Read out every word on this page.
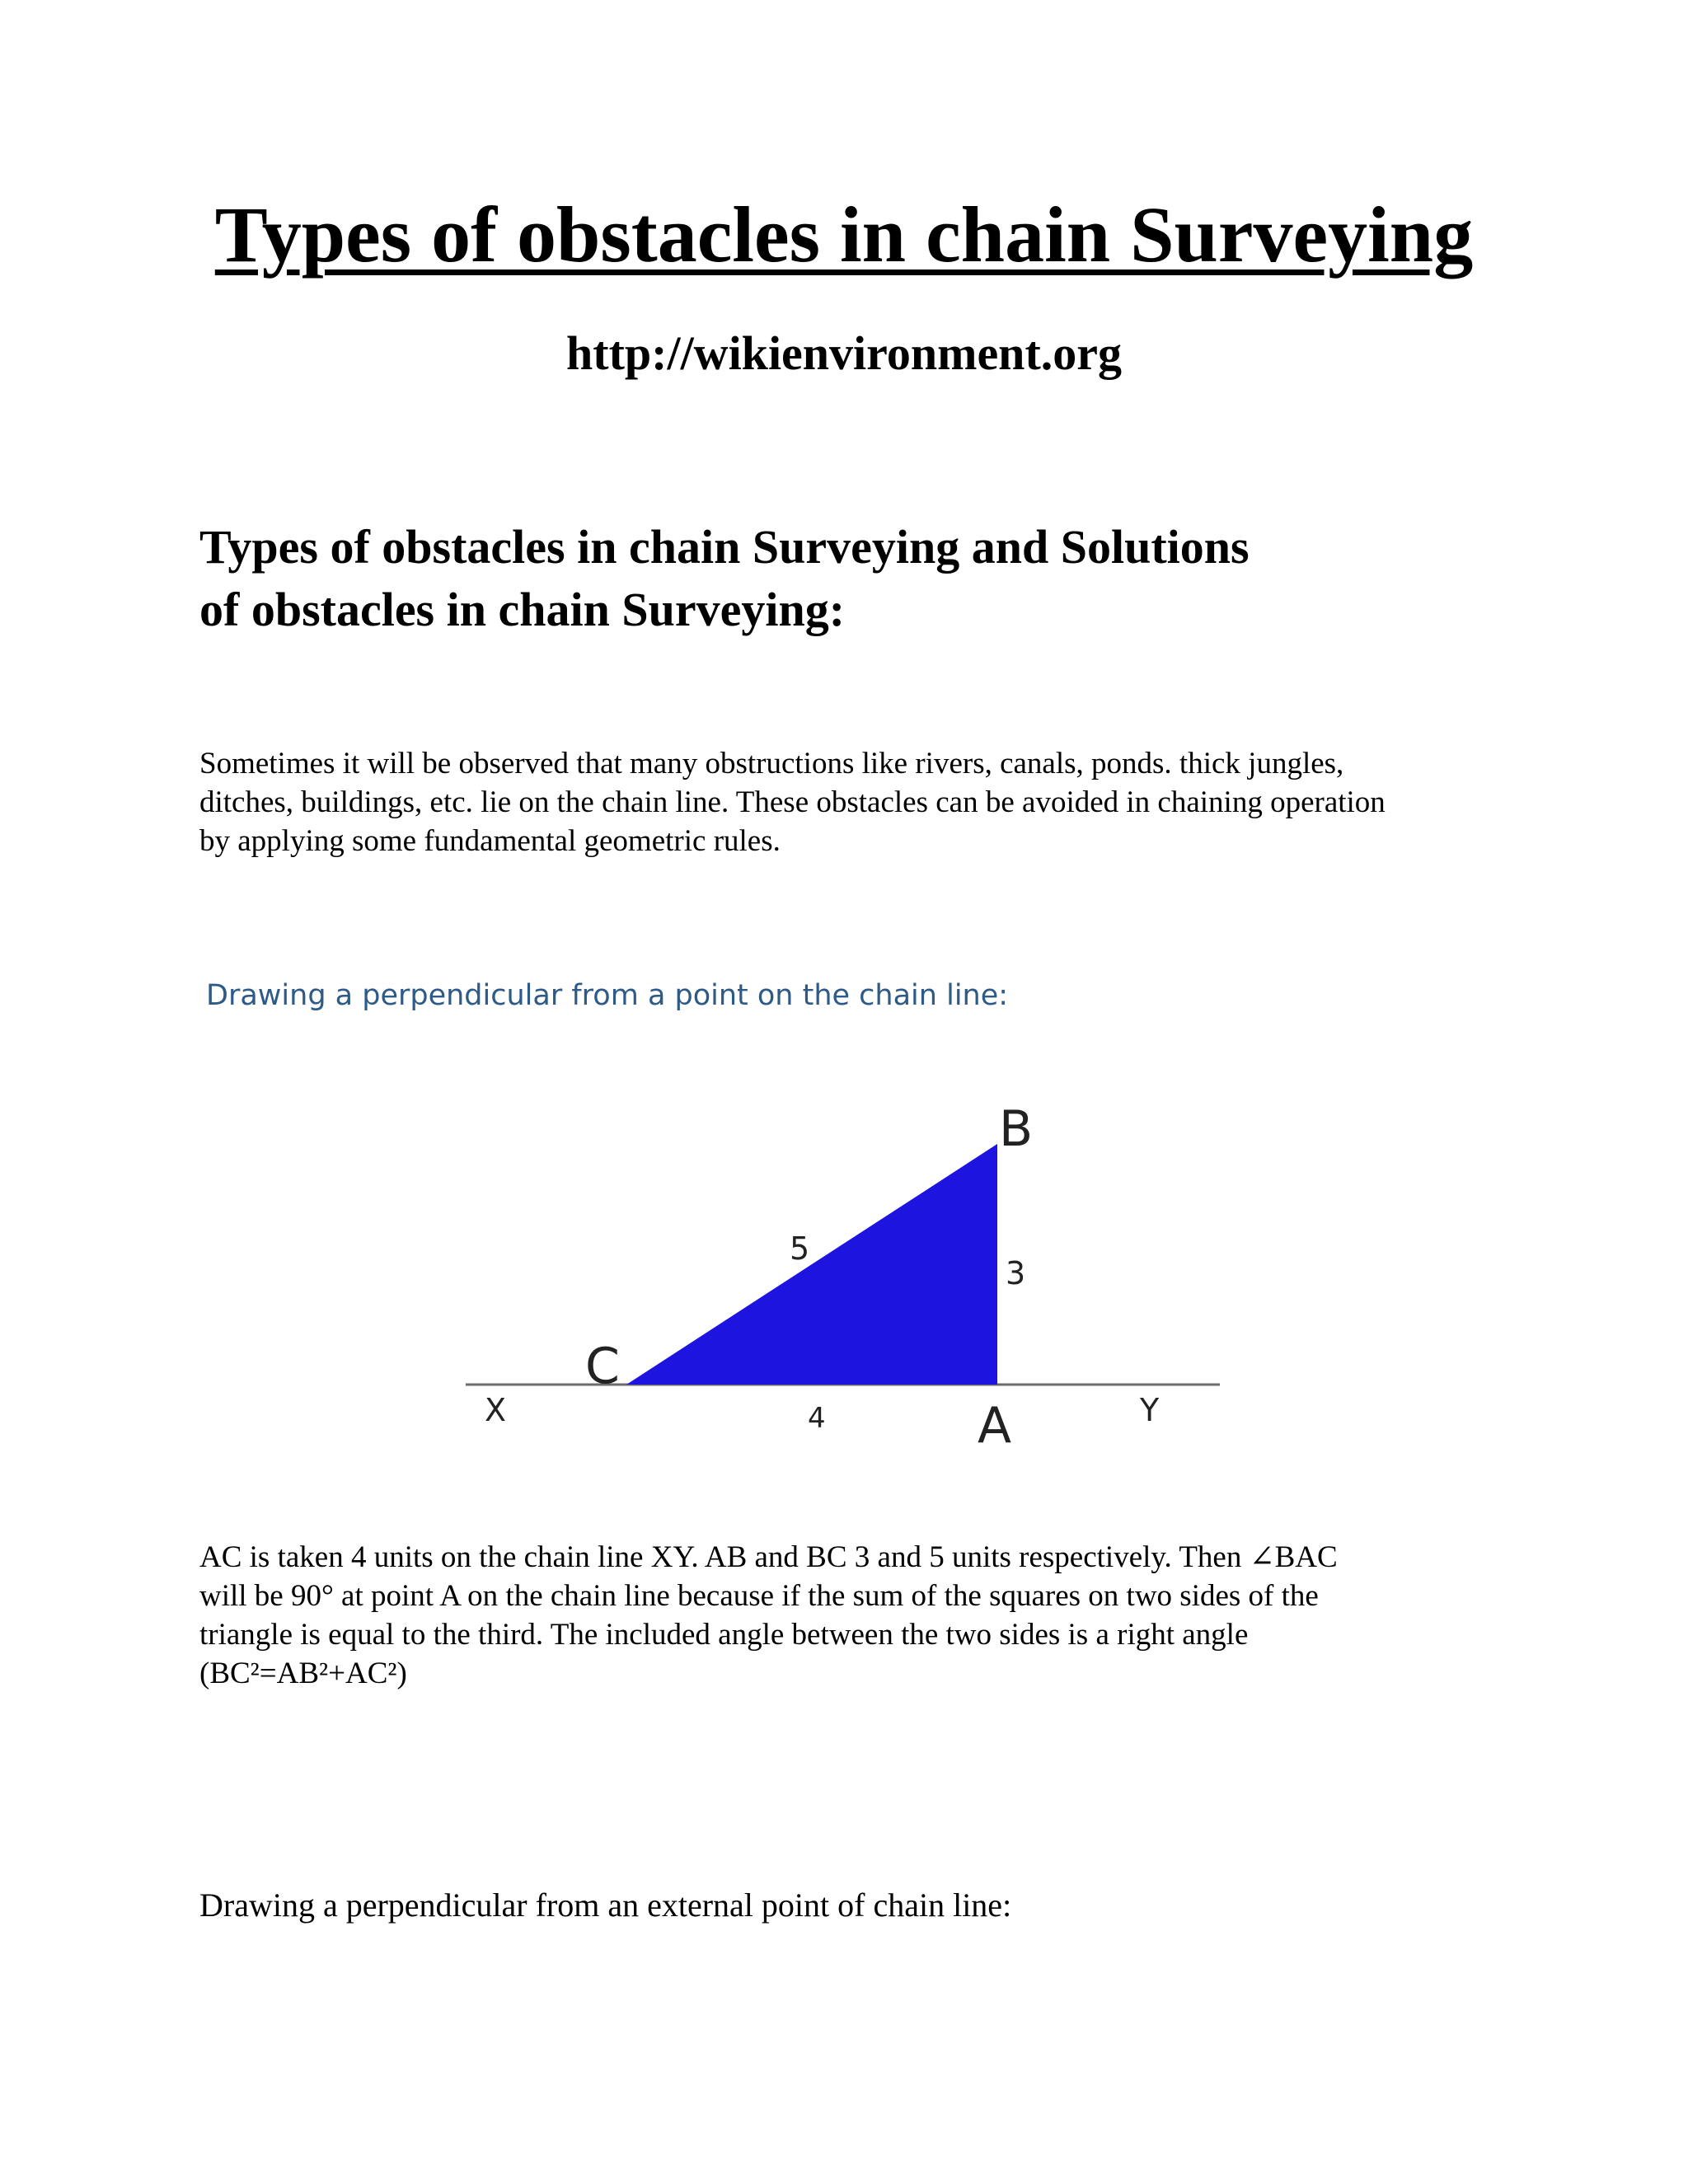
Types of obstacles in chain Surveying

http://wikienvironment.org

Types of obstacles in chain Surveying and Solutions
of obstacles in chain Surveying:

Sometimes it will be observed that many obstructions like rivers, canals, ponds. thick jungles,
ditches, buildings, etc. lie on the chain line. These obstacles can be avoided in chaining operation
by applying some fundamental geometric rules.

Drawing a perpendicular from a point on the chain line:

B
5
3
C
X	4	A	Y

AC is taken 4 units on the chain line XY. AB and BC 3 and 5 units respectively. Then ∠BAC
will be 90° at point A on the chain line because if the sum of the squares on two sides of the
triangle is equal to the third. The included angle between the two sides is a right angle
(BC²=AB²+AC²)

Drawing a perpendicular from an external point of chain line:
